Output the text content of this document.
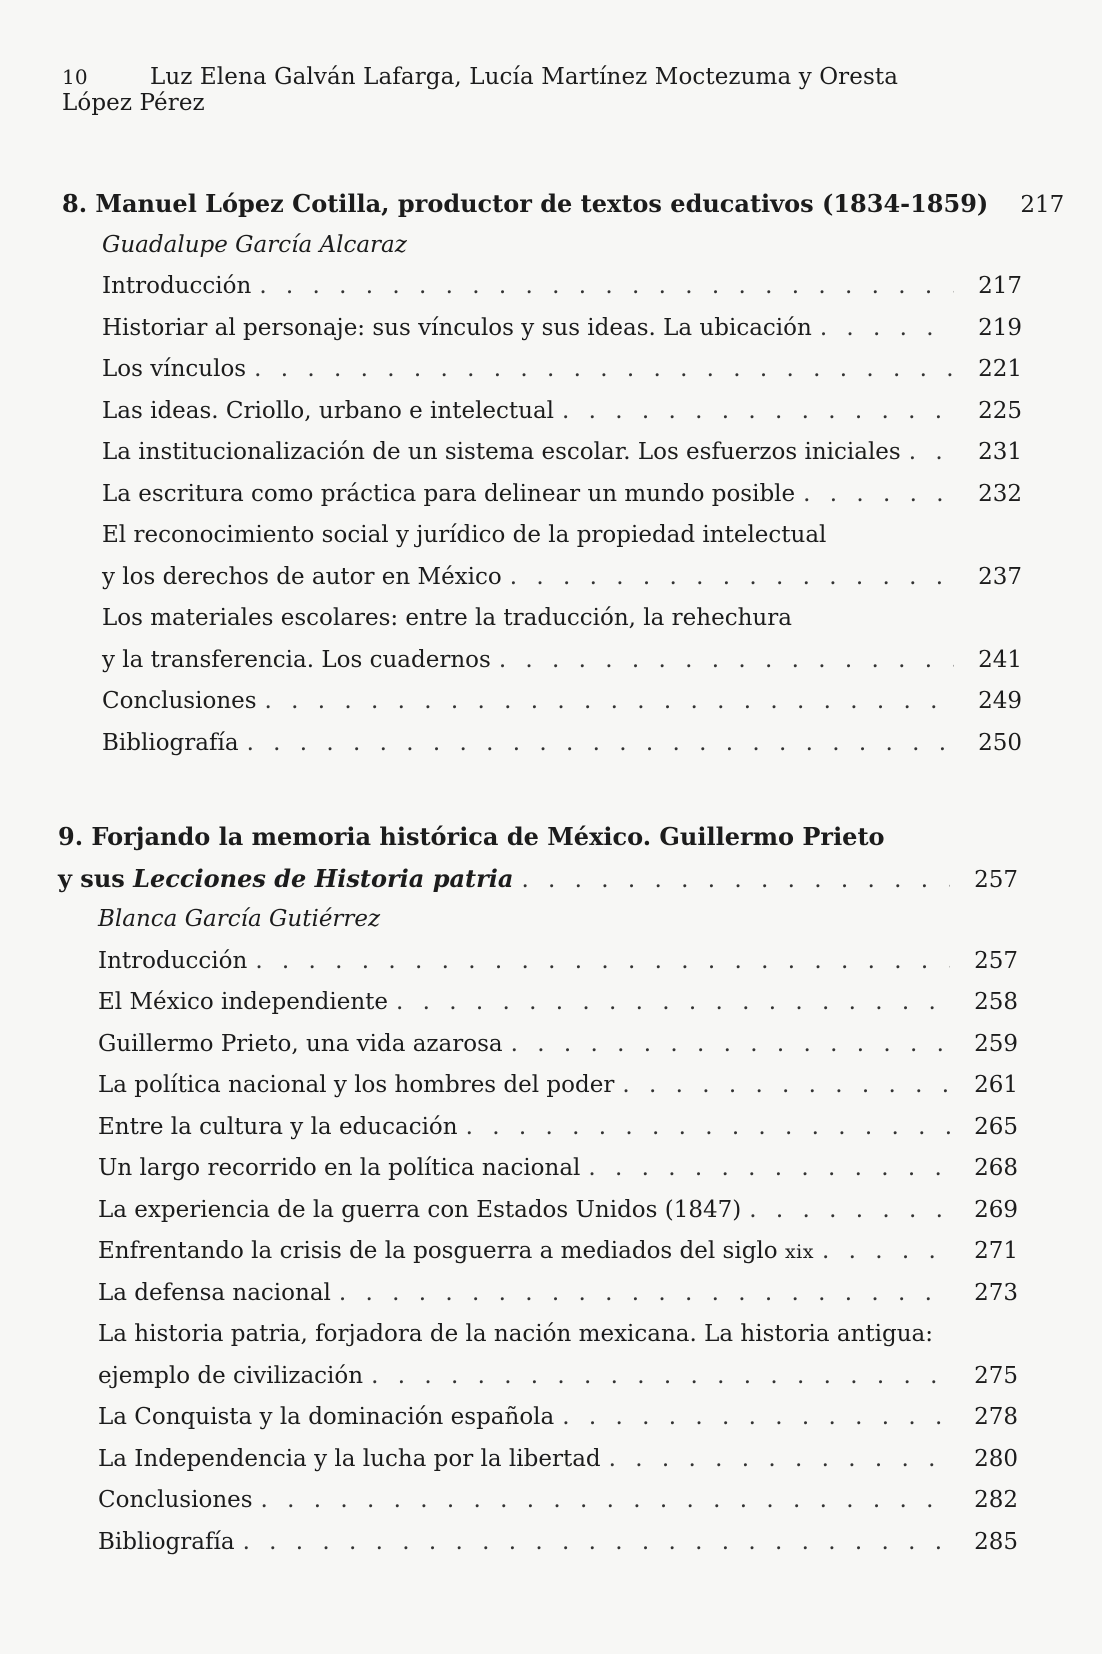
10	Luz Elena Galván Lafarga, Lucía Martínez Moctezuma y Oresta López Pérez
8. Manuel López Cotilla, productor de textos educativos (1834-1859)	217
Guadalupe García Alcaraz
Introducción . . .	217
Historiar al personaje: sus vínculos y sus ideas. La ubicación . . .	219
Los vínculos . . .	221
Las ideas. Criollo, urbano e intelectual . . .	225
La institucionalización de un sistema escolar. Los esfuerzos iniciales . . .	231
La escritura como práctica para delinear un mundo posible . . .	232
El reconocimiento social y jurídico de la propiedad intelectual
y los derechos de autor en México . . .	237
Los materiales escolares: entre la traducción, la rehechura
y la transferencia. Los cuadernos . . .	241
Conclusiones . . .	249
Bibliografía . . .	250
9. Forjando la memoria histórica de México. Guillermo Prieto
y sus Lecciones de Historia patria . . .	257
Blanca García Gutiérrez
Introducción . . .	257
El México independiente . . .	258
Guillermo Prieto, una vida azarosa . . .	259
La política nacional y los hombres del poder . . .	261
Entre la cultura y la educación . . .	265
Un largo recorrido en la política nacional . . .	268
La experiencia de la guerra con Estados Unidos (1847) . . .	269
Enfrentando la crisis de la posguerra a mediados del siglo xix . . .	271
La defensa nacional . . .	273
La historia patria, forjadora de la nación mexicana. La historia antigua:
ejemplo de civilización . . .	275
La Conquista y la dominación española . . .	278
La Independencia y la lucha por la libertad . . .	280
Conclusiones . . .	282
Bibliografía . . .	285
